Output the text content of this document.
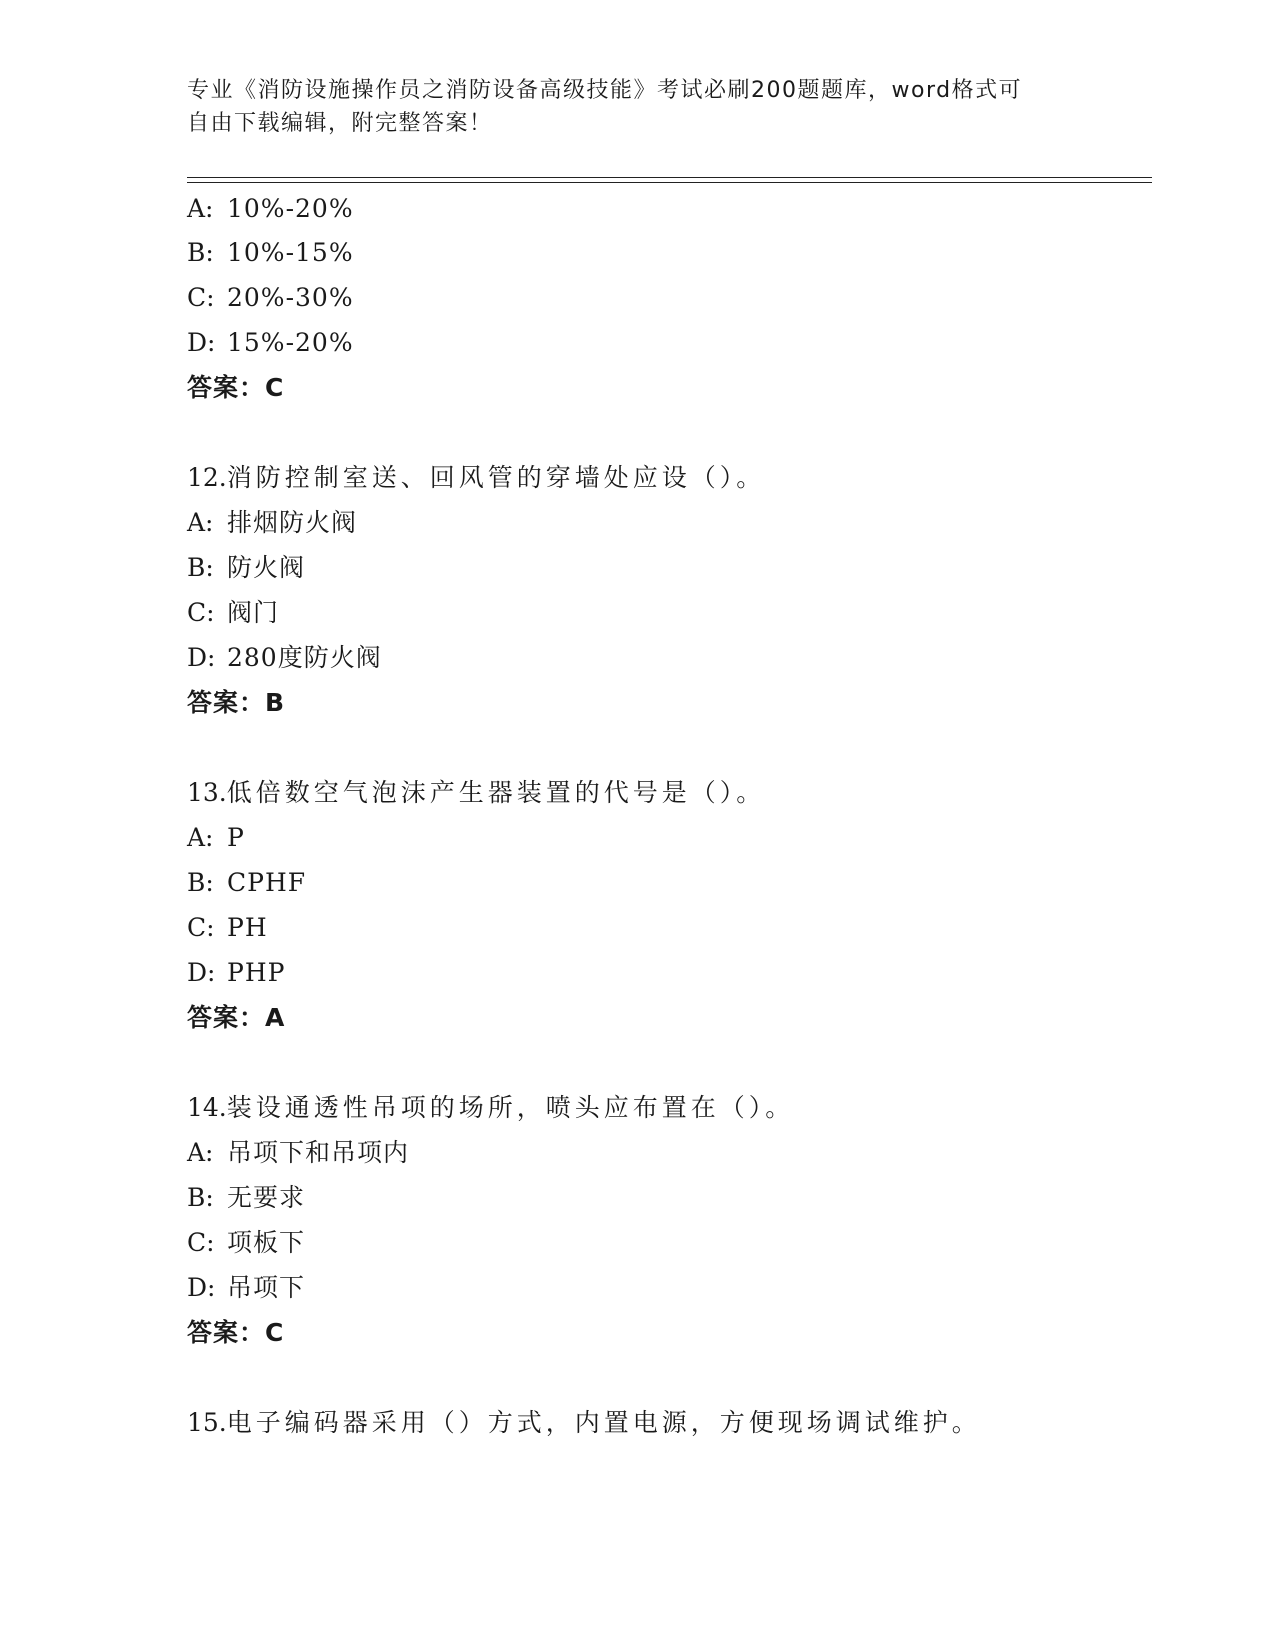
专业《消防设施操作员之消防设备高级技能》考试必刷200题题库，word格式可
自由下载编辑，附完整答案！
A: 10%-20%
B: 10%-15%
C: 20%-30%
D: 15%-20%
答案：C
12.消防控制室送、回风管的穿墙处应设（）。
A: 排烟防火阀
B: 防火阀
C: 阀门
D: 280度防火阀
答案：B
13.低倍数空气泡沫产生器装置的代号是（）。
A: P
B: CPHF
C: PH
D: PHP
答案：A
14.装设通透性吊项的场所，喷头应布置在（）。
A: 吊项下和吊项内
B: 无要求
C: 项板下
D: 吊项下
答案：C
15.电子编码器采用（）方式，内置电源，方便现场调试维护。
